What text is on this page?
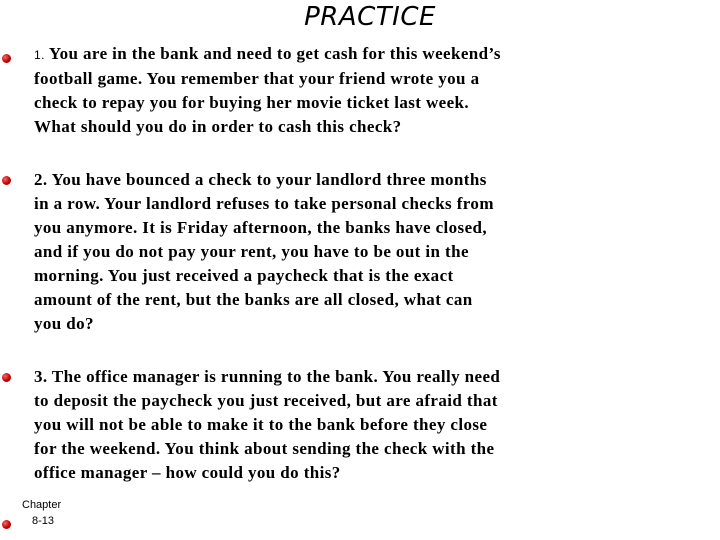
PRACTICE
1. You are in the bank and need to get cash for this weekend’s football game. You remember that your friend wrote you a check to repay you for buying her movie ticket last week. What should you do in order to cash this check?
2. You have bounced a check to your landlord three months in a row. Your landlord refuses to take personal checks from you anymore. It is Friday afternoon, the banks have closed, and if you do not pay your rent, you have to be out in the morning. You just received a paycheck that is the exact amount of the rent, but the banks are all closed, what can you do?
3. The office manager is running to the bank. You really need to deposit the paycheck you just received, but are afraid that you will not be able to make it to the bank before they close for the weekend. You think about sending the check with the office manager – how could you do this?
Chapter
8-13
